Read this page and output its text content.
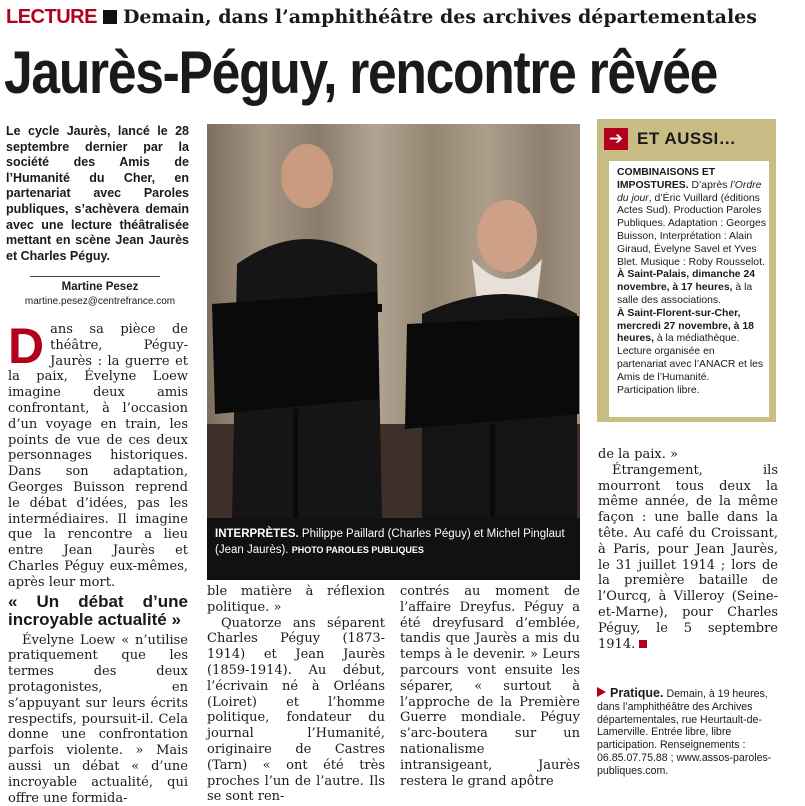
LECTURE Demain, dans l’amphithéâtre des archives départementales
Jaurès-Péguy, rencontre rêvée
Le cycle Jaurès, lancé le 28 septembre dernier par la société des Amis de l’Humanité du Cher, en partenariat avec Paroles publiques, s’achèvera demain avec une lecture théâtralisée mettant en scène Jean Jaurès et Charles Péguy.
Martine Pesez
martine.pesez@centrefrance.com

Dans sa pièce de théâtre, Péguy-Jaurès : la guerre et la paix, Évelyne Loew imagine deux amis confrontant, à l’occasion d’un voyage en train, les points de vue de ces deux personnages historiques. Dans son adaptation, Georges Buisson reprend le débat d’idées, pas les intermédiaires. Il imagine que la rencontre a lieu entre Jean Jaurès et Charles Péguy eux-mêmes, après leur mort.

« Un débat d’une incroyable actualité »

Évelyne Loew « n’utilise pratiquement que les termes des deux protagonistes, en s’appuyant sur leurs écrits respectifs, poursuit-il. Cela donne une confrontation parfois violente. » Mais aussi un débat « d’une incroyable actualité, qui offre une formida-

INTERPRÈTES. Philippe Paillard (Charles Péguy) et Michel Pinglaut (Jean Jaurès). PHOTO PAROLES PUBLIQUES

ble matière à réflexion politique. »

Quatorze ans séparent Charles Péguy (1873-1914) et Jean Jaurès (1859-1914). Au début, l’écrivain né à Orléans (Loiret) et l’homme politique, fondateur du journal l’Humanité, originaire de Castres (Tarn) « ont été très proches l’un de l’autre. Ils se sont ren-

contrés au moment de l’affaire Dreyfus. Péguy a été dreyfusard d’emblée, tandis que Jaurès a mis du temps à le devenir. » Leurs parcours vont ensuite les séparer, « surtout à l’approche de la Première Guerre mondiale. Péguy s’arc-boutera sur un nationalisme intransigeant, Jaurès restera le grand apôtre

➔ ET AUSSI…
COMBINAISONS ET IMPOSTURES. D’après l’Ordre du jour, d’Éric Vuillard (éditions Actes Sud). Production Paroles Publiques. Adaptation : Georges Buisson, Interprétation : Alain Giraud, Évelyne Savel et Yves Blet. Musique : Roby Rousselot.
À Saint-Palais, dimanche 24 novembre, à 17 heures, à la salle des associations.
À Saint-Florent-sur-Cher, mercredi 27 novembre, à 18 heures, à la médiathèque. Lecture organisée en partenariat avec l’ANACR et les Amis de l’Humanité. Participation libre.

de la paix. »

Étrangement, ils mourront tous deux la même année, de la même façon : une balle dans la tête. Au café du Croissant, à Paris, pour Jean Jaurès, le 31 juillet 1914 ; lors de la première bataille de l’Ourcq, à Villeroy (Seine-et-Marne), pour Charles Péguy, le 5 septembre 1914.

Pratique. Demain, à 19 heures, dans l’amphithéâtre des Archives départementales, rue Heurtault-de-Lamerville. Entrée libre, libre participation. Renseignements : 06.85.07.75.88 ; www.assos-paroles-publiques.com.
